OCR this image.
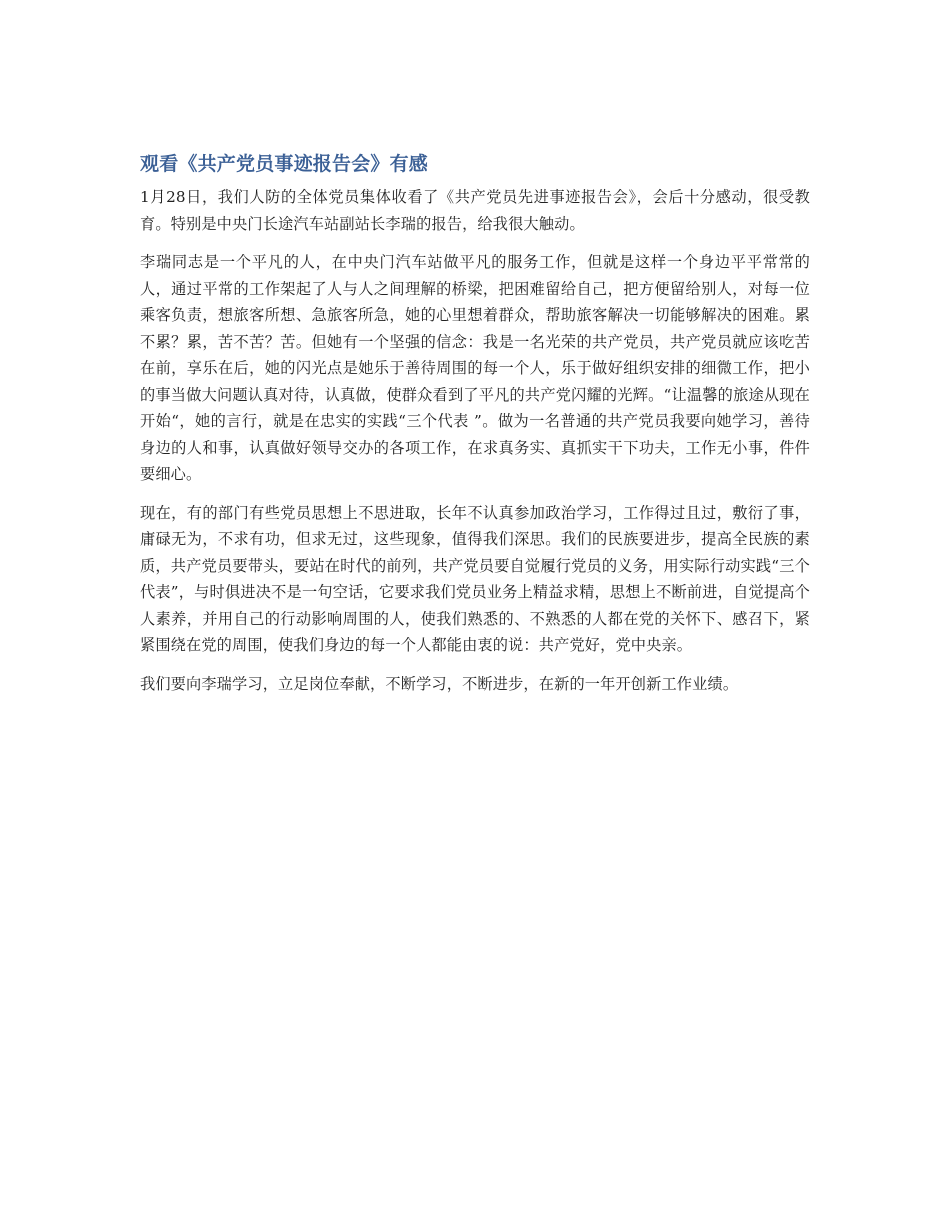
观看《共产党员事迹报告会》有感

1月28日，我们人防的全体党员集体收看了《共产党员先进事迹报告会》，会后十分感动，很受教育。特别是中央门长途汽车站副站长李瑞的报告，给我很大触动。

李瑞同志是一个平凡的人，在中央门汽车站做平凡的服务工作，但就是这样一个身边平平常常的人，通过平常的工作架起了人与人之间理解的桥梁，把困难留给自己，把方便留给别人，对每一位乘客负责，想旅客所想、急旅客所急，她的心里想着群众，帮助旅客解决一切能够解决的困难。累不累？累，苦不苦？苦。但她有一个坚强的信念：我是一名光荣的共产党员，共产党员就应该吃苦在前，享乐在后，她的闪光点是她乐于善待周围的每一个人，乐于做好组织安排的细微工作，把小的事当做大问题认真对待，认真做，使群众看到了平凡的共产党闪耀的光辉。“让温馨的旅途从现在开始“，她的言行，就是在忠实的实践“三个代表 ”。做为一名普通的共产党员我要向她学习，善待身边的人和事，认真做好领导交办的各项工作，在求真务实、真抓实干下功夫，工作无小事，件件要细心。

现在，有的部门有些党员思想上不思进取，长年不认真参加政治学习，工作得过且过，敷衍了事，庸碌无为，不求有功，但求无过，这些现象，值得我们深思。我们的民族要进步，提高全民族的素质，共产党员要带头，要站在时代的前列，共产党员要自觉履行党员的义务，用实际行动实践“三个代表”，与时俱进决不是一句空话，它要求我们党员业务上精益求精，思想上不断前进，自觉提高个人素养，并用自己的行动影响周围的人，使我们熟悉的、不熟悉的人都在党的关怀下、感召下，紧紧围绕在党的周围，使我们身边的每一个人都能由衷的说：共产党好，党中央亲。

我们要向李瑞学习，立足岗位奉献，不断学习，不断进步，在新的一年开创新工作业绩。
